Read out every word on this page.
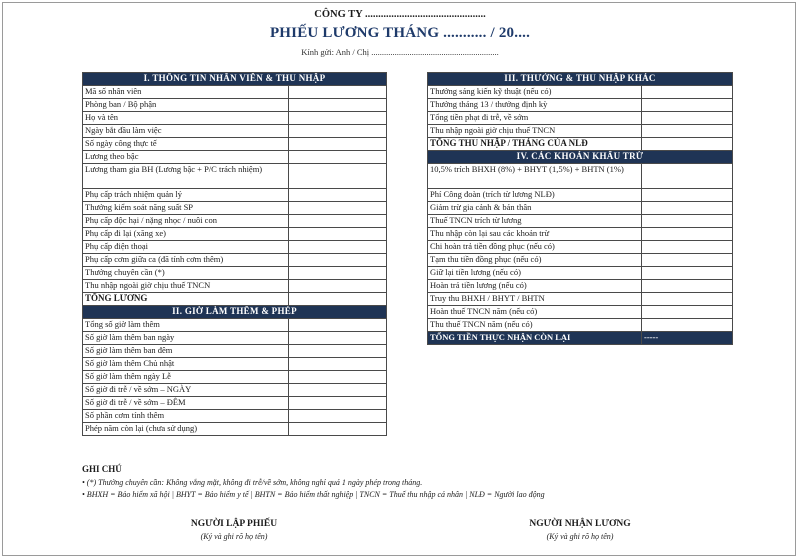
CÔNG TY ..............................................
PHIẾU LƯƠNG THÁNG ........... / 20....
Kính gửi: Anh / Chị ............................................................
I. THÔNG TIN NHÂN VIÊN & THU NHẬP	
Mã số nhân viên	
Phòng ban / Bộ phận	
Họ và tên	
Ngày bắt đầu làm việc	
Số ngày công thực tế	
Lương theo bậc	
Lương tham gia BH (Lương bậc + P/C trách nhiệm)	
Phụ cấp trách nhiệm quản lý	
Thưởng kiểm soát năng suất SP	
Phụ cấp độc hại / nặng nhọc / nuôi con	
Phụ cấp đi lại (xăng xe)	
Phụ cấp điện thoại	
Phụ cấp cơm giữa ca (đã tính cơm thêm)	
Thưởng chuyên cần (*)	
Thu nhập ngoài giờ chịu thuế TNCN	
TỔNG LƯƠNG	
II. GIỜ LÀM THÊM & PHÉP	
Tổng số giờ làm thêm	
Số giờ làm thêm ban ngày	
Số giờ làm thêm ban đêm	
Số giờ làm thêm Chủ nhật	
Số giờ làm thêm ngày Lễ	
Số giờ đi trễ / về sớm – NGÀY	
Số giờ đi trễ / về sớm – ĐÊM	
Số phần cơm tính thêm	
Phép năm còn lại (chưa sử dụng)	
III. THƯỞNG & THU NHẬP KHÁC	
Thưởng sáng kiến kỹ thuật (nếu có)	
Thưởng tháng 13 / thưởng định kỳ	
Tổng tiền phạt đi trễ, về sớm	
Thu nhập ngoài giờ chịu thuế TNCN	
TỔNG THU NHẬP / THÁNG CỦA NLĐ	
IV. CÁC KHOẢN KHẤU TRỪ	
10,5% trích BHXH (8%) + BHYT (1,5%) + BHTN (1%)	
Phí Công đoàn (trích từ lương NLĐ)	
Giảm trừ gia cảnh & bản thân	
Thuế TNCN trích từ lương	
Thu nhập còn lại sau các khoản trừ	
Chi hoàn trả tiền đồng phục (nếu có)	
Tạm thu tiền đồng phục (nếu có)	
Giữ lại tiền lương (nếu có)	
Hoàn trả tiền lương (nếu có)	
Truy thu BHXH / BHYT / BHTN	
Hoàn thuế TNCN năm (nếu có)	
Thu thuế TNCN năm (nếu có)	
TỔNG TIỀN THỰC NHẬN CÒN LẠI	-----
GHI CHÚ
• (*) Thưởng chuyên cần: Không vắng mặt, không đi trễ/về sớm, không nghỉ quá 1 ngày phép trong tháng.
• BHXH = Bảo hiểm xã hội | BHYT = Bảo hiểm y tế | BHTN = Bảo hiểm thất nghiệp | TNCN = Thuế thu nhập cá nhân | NLĐ = Người lao động
NGƯỜI LẬP PHIẾU
(Ký và ghi rõ họ tên)
NGƯỜI NHẬN LƯƠNG
(Ký và ghi rõ họ tên)
